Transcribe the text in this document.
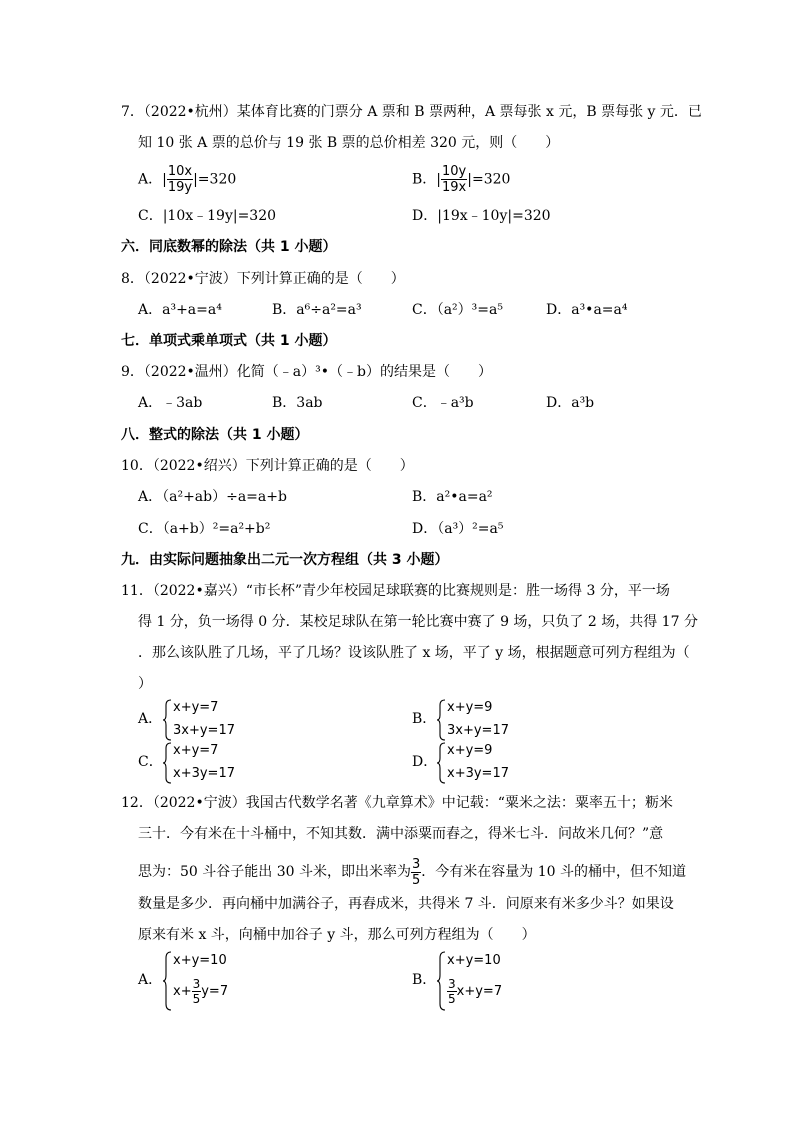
7．（2022•杭州）某体育比赛的门票分 A 票和 B 票两种，A 票每张 x 元，B 票每张 y 元．已
知 10 张 A 票的总价与 19 张 B 票的总价相差 320 元，则（　　）
A．| $\frac{10x}{19y} |=320$	B．| $\frac{10y}{19x} |=320$
C．|10x﹣19y|=320	D．|19x﹣10y|=320
六．同底数幂的除法（共 1 小题）
8．（2022•宁波）下列计算正确的是（　　）
A．a³+a=a⁴	B．a⁶÷a²=a³	C．（a²）³=a⁵	D．a³•a=a⁴
七．单项式乘单项式（共 1 小题）
9．（2022•温州）化简（﹣a）³•（﹣b）的结果是（　　）
A．﹣3ab	B．3ab	C．﹣a³b	D．a³b
八．整式的除法（共 1 小题）
10．（2022•绍兴）下列计算正确的是（　　）
A．（a²+ab）÷a=a+b	B．a²•a=a²
C．（a+b）²=a²+b²	D．（a³）²=a⁵
九．由实际问题抽象出二元一次方程组（共 3 小题）
11．（2022•嘉兴）“市长杯”青少年校园足球联赛的比赛规则是：胜一场得 3 分，平一场
得 1 分，负一场得 0 分．某校足球队在第一轮比赛中赛了 9 场，只负了 2 场，共得 17 分
．那么该队胜了几场，平了几场？设该队胜了 x 场，平了 y 场，根据题意可列方程组为（
）
A．
x+y=7
3x+y=17
B．
x+y=9
3x+y=17
C．
x+y=7
x+3y=17
D．
x+y=9
x+3y=17
12．（2022•宁波）我国古代数学名著《九章算术》中记载：“粟米之法：粟率五十；粝米
三十．今有米在十斗桶中，不知其数．满中添粟而舂之，得米七斗．问故米几何？”意
思为：50 斗谷子能出 30 斗米，即出米率为 $\frac{3}{5}$ ．今有米在容量为 10 斗的桶中，但不知道
数量是多少．再向桶中加满谷子，再舂成米，共得米 7 斗．问原来有米多少斗？如果设
原来有米 x 斗，向桶中加谷子 y 斗，那么可列方程组为（　　）
A．
x+y=10
$x+ \frac{3}{5} y=7$
B．
x+y=10
$\frac{3}{5} x+y=7$
